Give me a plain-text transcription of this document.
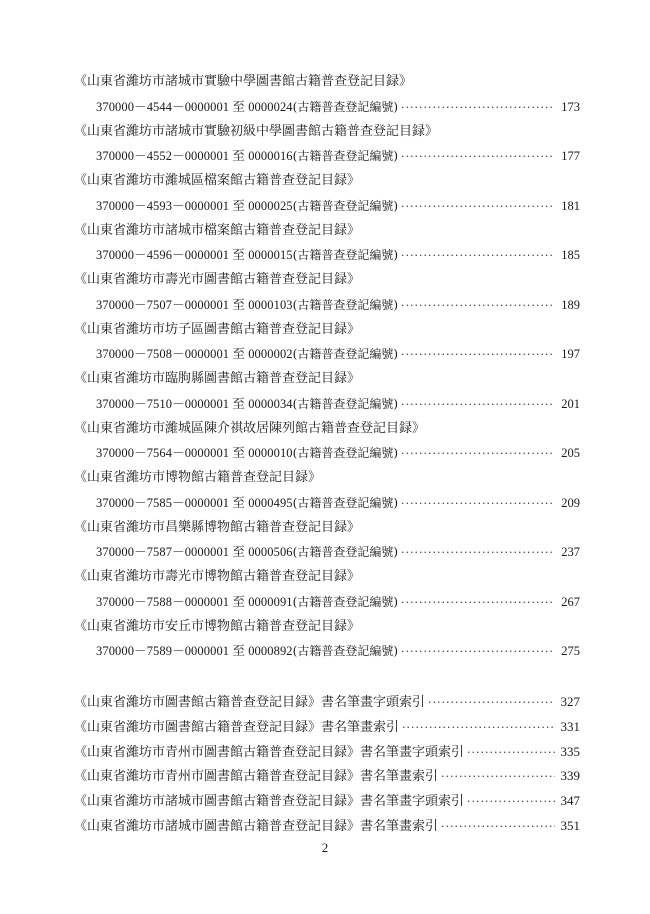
《山東省濰坊市諸城市實驗中學圖書館古籍普查登記目録》
370000－4544－0000001 至 0000024 (古籍普查登記編號) ·····	173
《山東省濰坊市諸城市實驗初級中學圖書館古籍普查登記目録》
370000－4552－0000001 至 0000016 (古籍普查登記編號) ·····	177
《山東省濰坊市濰城區檔案館古籍普查登記目録》
370000－4593－0000001 至 0000025 (古籍普查登記編號) ·····	181
《山東省濰坊市諸城市檔案館古籍普查登記目録》
370000－4596－0000001 至 0000015 (古籍普查登記編號) ·····	185
《山東省濰坊市壽光市圖書館古籍普查登記目録》
370000－7507－0000001 至 0000103 (古籍普查登記編號) ·····	189
《山東省濰坊市坊子區圖書館古籍普查登記目録》
370000－7508－0000001 至 0000002 (古籍普查登記編號) ·····	197
《山東省濰坊市臨朐縣圖書館古籍普查登記目録》
370000－7510－0000001 至 0000034 (古籍普查登記編號) ·····	201
《山東省濰坊市濰城區陳介祺故居陳列館古籍普查登記目録》
370000－7564－0000001 至 0000010 (古籍普查登記編號) ·····	205
《山東省濰坊市博物館古籍普查登記目録》
370000－7585－0000001 至 0000495 (古籍普查登記編號) ·····	209
《山東省濰坊市昌樂縣博物館古籍普查登記目録》
370000－7587－0000001 至 0000506 (古籍普查登記編號) ·····	237
《山東省濰坊市壽光市博物館古籍普查登記目録》
370000－7588－0000001 至 0000091 (古籍普查登記編號) ·····	267
《山東省濰坊市安丘市博物館古籍普查登記目録》
370000－7589－0000001 至 0000892 (古籍普查登記編號) ·····	275
《山東省濰坊市圖書館古籍普查登記目録》書名筆畫字頭索引 ·····	327
《山東省濰坊市圖書館古籍普查登記目録》書名筆畫索引 ·····	331
《山東省濰坊市青州市圖書館古籍普查登記目録》書名筆畫字頭索引 ·····	335
《山東省濰坊市青州市圖書館古籍普查登記目録》書名筆畫索引 ·····	339
《山東省濰坊市諸城市圖書館古籍普查登記目録》書名筆畫字頭索引 ·····	347
《山東省濰坊市諸城市圖書館古籍普查登記目録》書名筆畫索引 ·····	351
2
